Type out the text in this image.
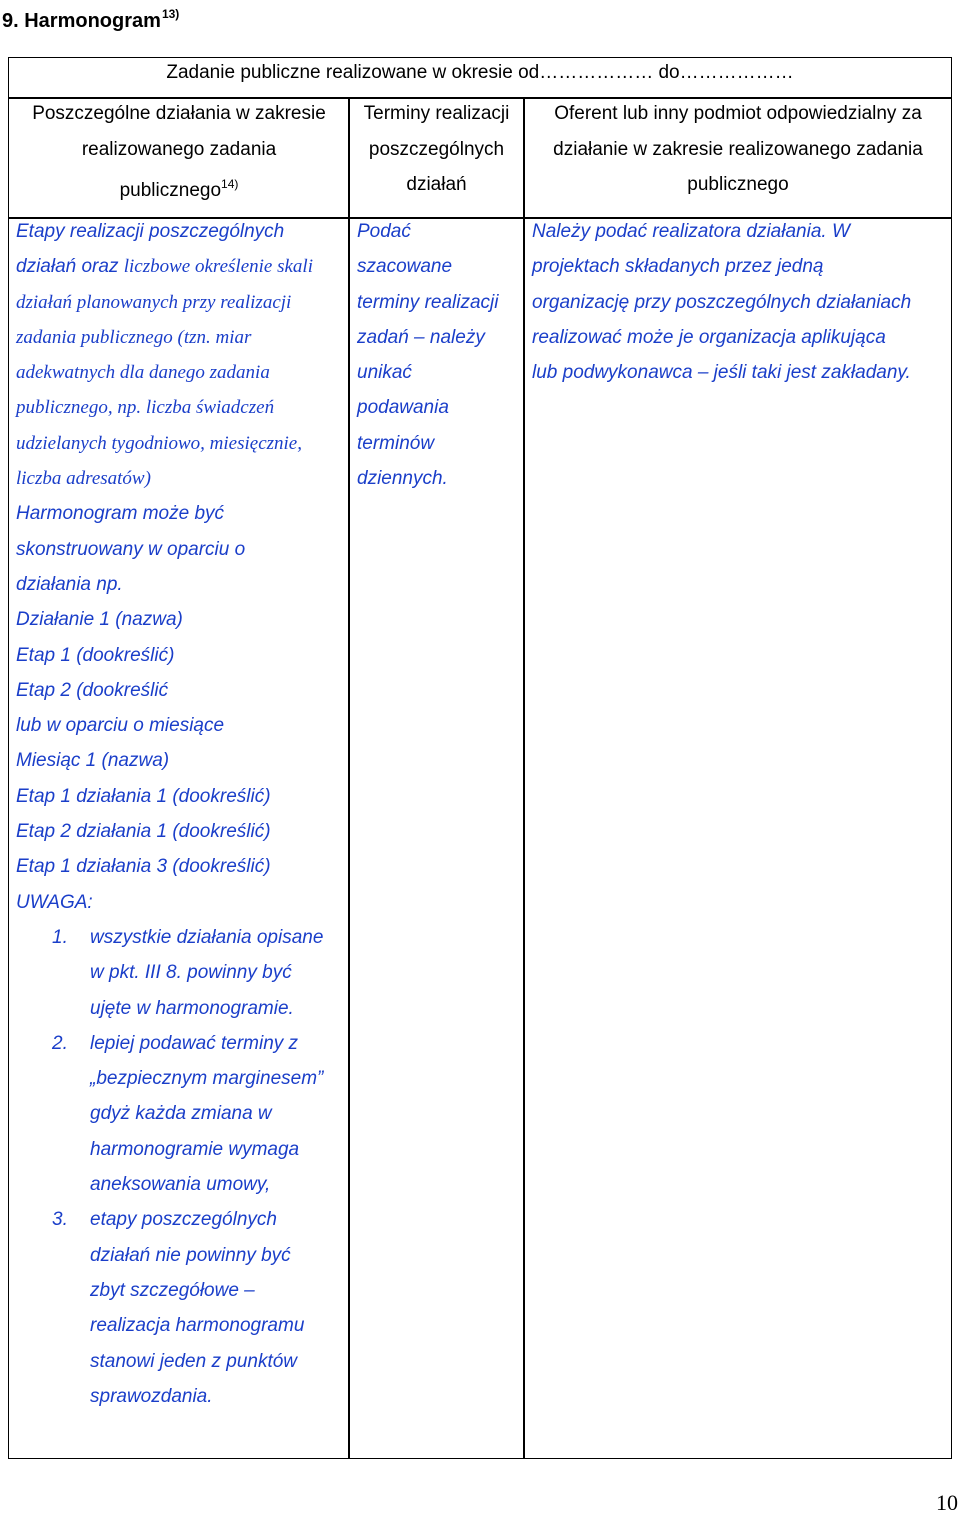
9. Harmonogram$^{13)}$
Zadanie publiczne realizowane w okresie od……………… do………………
Poszczególne działania w zakresie
realizowanego zadania
publicznego$^{14)}$
Terminy realizacji
poszczególnych
działań
Oferent lub inny podmiot odpowiedzialny za
działanie w zakresie realizowanego zadania
publicznego
Etapy realizacji poszczególnych
działań oraz liczbowe określenie skali
działań planowanych przy realizacji
zadania publicznego (tzn. miar
adekwatnych dla danego zadania
publicznego, np. liczba świadczeń
udzielanych tygodniowo, miesięcznie,
liczba adresatów)
Harmonogram może być
skonstruowany w oparciu o
działania np.
Działanie 1 (nazwa)
Etap 1 (dookreślić)
Etap 2 (dookreślić
lub w oparciu o miesiące
Miesiąc 1 (nazwa)
Etap 1 działania 1 (dookreślić)
Etap 2 działania 1 (dookreślić)
Etap 1 działania 3 (dookreślić)
UWAGA:
1. wszystkie działania opisane
w pkt. III 8. powinny być
ujęte w harmonogramie.
2. lepiej podawać terminy z
„bezpiecznym marginesem”
gdyż każda zmiana w
harmonogramie wymaga
aneksowania umowy,
3. etapy poszczególnych
działań nie powinny być
zbyt szczegółowe –
realizacja harmonogramu
stanowi jeden z punktów
sprawozdania.
Podać
szacowane
terminy realizacji
zadań – należy
unikać
podawania
terminów
dziennych.
Należy podać realizatora działania. W
projektach składanych przez jedną
organizację przy poszczególnych działaniach
realizować może je organizacja aplikująca
lub podwykonawca – jeśli taki jest zakładany.
10
